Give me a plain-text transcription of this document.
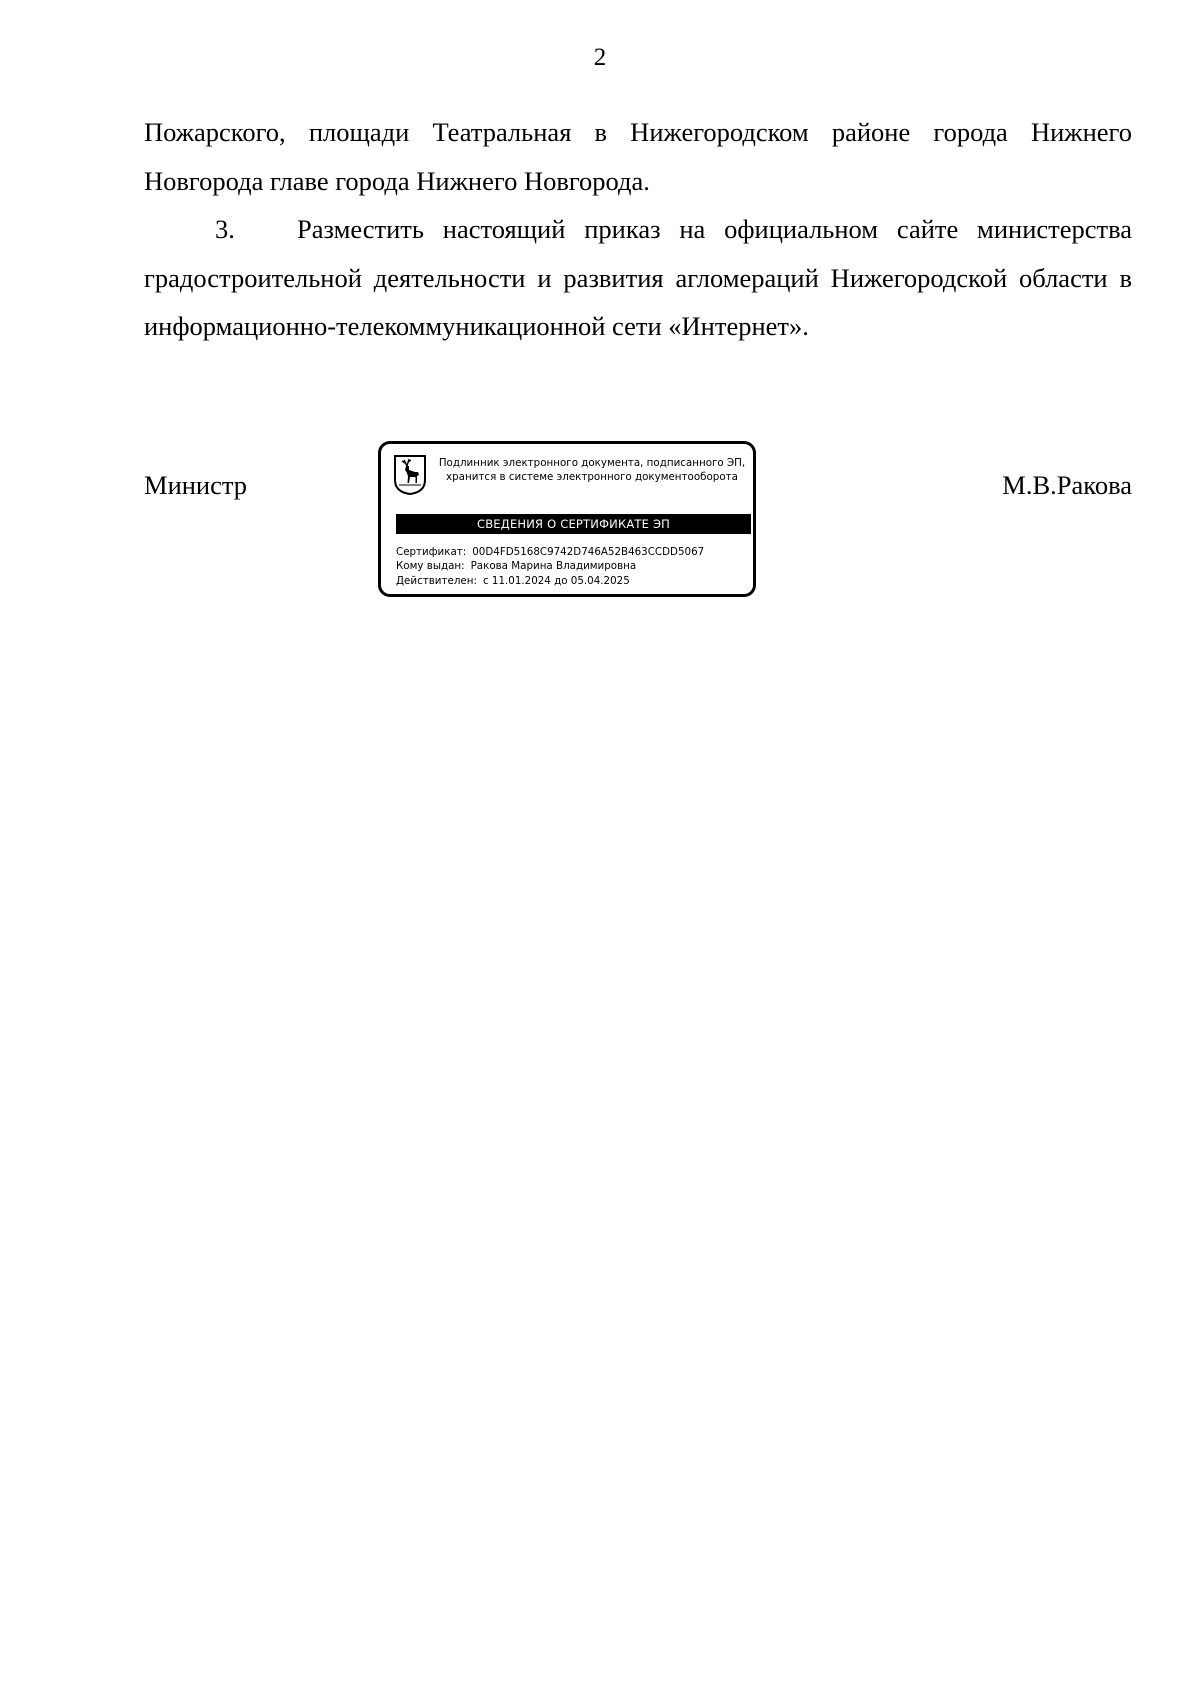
2

Пожарского, площади Театральная в Нижегородском районе города Нижнего Новгорода главе города Нижнего Новгорода.

3. Разместить настоящий приказ на официальном сайте министерства градостроительной деятельности и развития агломераций Нижегородской области в информационно-телекоммуникационной сети «Интернет».

Министр	М.В.Ракова
Подлинник электронного документа, подписанного ЭП,
хранится в системе электронного документооборота
СВЕДЕНИЯ О СЕРТИФИКАТЕ ЭП
Сертификат: 00D4FD5168C9742D746A52B463CCDD5067
Кому выдан: Ракова Марина Владимировна
Действителен: с 11.01.2024 до 05.04.2025
